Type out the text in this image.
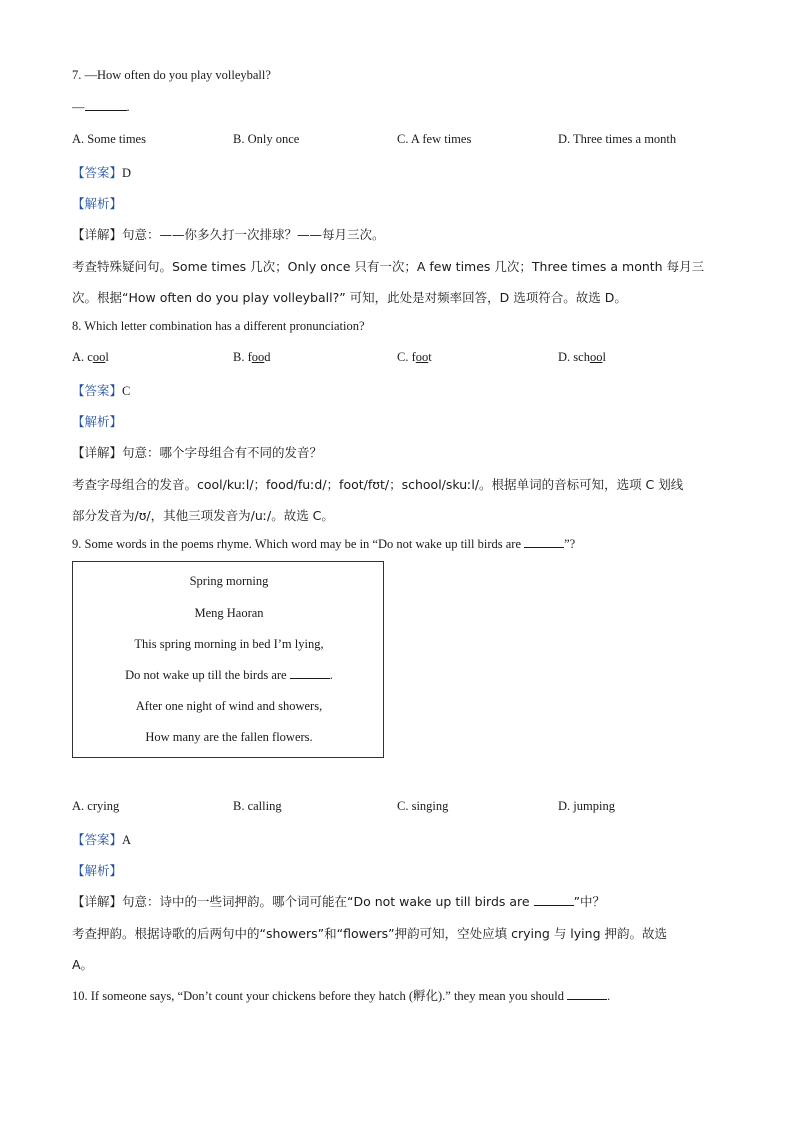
7. —How often do you play volleyball?
—	.
A. Some times	B. Only once	C. A few times	D. Three times a month
【答案】D
【解析】
【详解】句意：——你多久打一次排球？——每月三次。
考查特殊疑问句。Some times 几次；Only once 只有一次；A few times 几次；Three times a month 每月三
次。根据“How often do you play volleyball?” 可知，此处是对频率回答，D 选项符合。故选 D。
8. Which letter combination has a different pronunciation?
A. cool	B. food	C. foot	D. school
【答案】C
【解析】
【详解】句意：哪个字母组合有不同的发音？
考查字母组合的发音。cool/kuːl/；food/fuːd/；foot/fʊt/；school/skuːl/。根据单词的音标可知，选项 C 划线
部分发音为/ʊ/，其他三项发音为/uː/。故选 C。
9. Some words in the poems rhyme. Which word may be in “Do not wake up till birds are	”?
Spring morning
Meng Haoran
This spring morning in bed I’m lying,
Do not wake up till the birds are	.
After one night of wind and showers,
How many are the fallen flowers.
A. crying	B. calling	C. singing	D. jumping
【答案】A
【解析】
【详解】句意：诗中的一些词押韵。哪个词可能在“Do not wake up till birds are	”中？
考查押韵。根据诗歌的后两句中的“showers”和“flowers”押韵可知，空处应填 crying 与 lying 押韵。故选
A。
10. If someone says, “Don’t count your chickens before they hatch (孵化).” they mean you should	.
